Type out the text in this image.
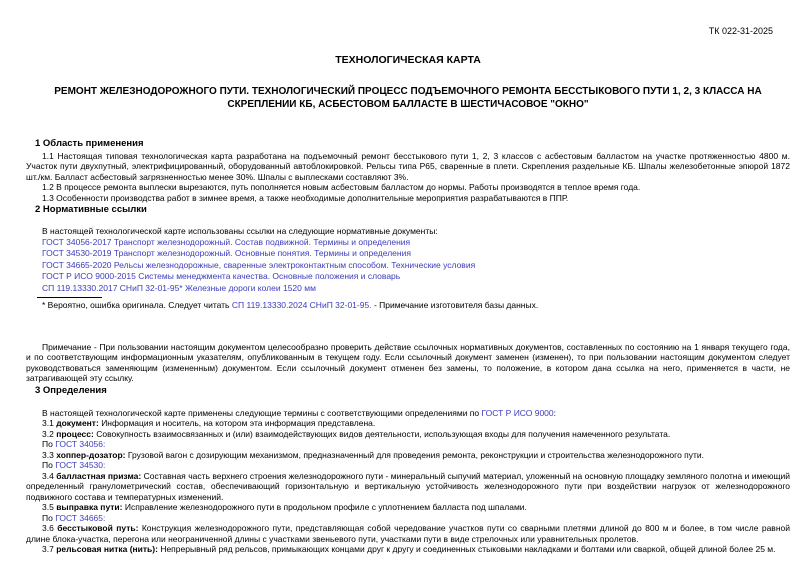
ТК 022-31-2025
ТЕХНОЛОГИЧЕСКАЯ КАРТА
РЕМОНТ ЖЕЛЕЗНОДОРОЖНОГО ПУТИ. ТЕХНОЛОГИЧЕСКИЙ ПРОЦЕСС ПОДЪЕМОЧНОГО РЕМОНТА БЕССТЫКОВОГО ПУТИ 1, 2, 3 КЛАССА НА СКРЕПЛЕНИИ КБ, АСБЕСТОВОМ БАЛЛАСТЕ В ШЕСТИЧАСОВОЕ "ОКНО"
1 Область применения

1.1 Настоящая типовая технологическая карта разработана на подъемочный ремонт бесстыкового пути 1, 2, 3 классов с асбестовым балластом на участке протяженностью 4800 м. Участок пути двухпутный, электрифицированный, оборудованный автоблокировкой. Рельсы типа Р65, сваренные в плети. Скрепления раздельные КБ. Шпалы железобетонные эпюрой 1872 шт./км. Балласт асбестовый загрязненностью менее 30%. Шпалы с выплесками составляют 3%.

1.2 В процессе ремонта выплески вырезаются, путь пополняется новым асбестовым балластом до нормы. Работы производятся в теплое время года.

1.3 Особенности производства работ в зимнее время, а также необходимые дополнительные мероприятия разрабатываются в ППР.

2 Нормативные ссылки

В настоящей технологической карте использованы ссылки на следующие нормативные документы:

ГОСТ 34056-2017 Транспорт железнодорожный. Состав подвижной. Термины и определения
ГОСТ 34530-2019 Транспорт железнодорожный. Основные понятия. Термины и определения
ГОСТ 34665-2020 Рельсы железнодорожные, сваренные электроконтактным способом. Технические условия
ГОСТ Р ИСО 9000-2015 Системы менеджмента качества. Основные положения и словарь
СП 119.13330.2017 СНиП 32-01-95* Железные дороги колеи 1520 мм

* Вероятно, ошибка оригинала. Следует читать СП 119.13330.2024 СНиП 32-01-95. - Примечание изготовителя базы данных.

Примечание - При пользовании настоящим документом целесообразно проверить действие ссылочных нормативных документов, составленных по состоянию на 1 января текущего года, и по соответствующим информационным указателям, опубликованным в текущем году. Если ссылочный документ заменен (изменен), то при пользовании настоящим документом следует руководствоваться заменяющим (измененным) документом. Если ссылочный документ отменен без замены, то положение, в котором дана ссылка на него, применяется в части, не затрагивающей эту ссылку.

3 Определения

В настоящей технологической карте применены следующие термины с соответствующими определениями по ГОСТ Р ИСО 9000:

3.1 документ: Информация и носитель, на котором эта информация представлена.

3.2 процесс: Совокупность взаимосвязанных и (или) взаимодействующих видов деятельности, использующая входы для получения намеченного результата.

По ГОСТ 34056:

3.3 хоппер-дозатор: Грузовой вагон с дозирующим механизмом, предназначенный для проведения ремонта, реконструкции и строительства железнодорожного пути.

По ГОСТ 34530:

3.4 балластная призма: Составная часть верхнего строения железнодорожного пути - минеральный сыпучий материал, уложенный на основную площадку земляного полотна и имеющий определенный гранулометрический состав, обеспечивающий горизонтальную и вертикальную устойчивость железнодорожного пути при воздействии нагрузок от железнодорожного подвижного состава и температурных изменений.

3.5 выправка пути: Исправление железнодорожного пути в продольном профиле с уплотнением балласта под шпалами.

По ГОСТ 34665:

3.6 бесстыковой путь: Конструкция железнодорожного пути, представляющая собой чередование участков пути со сварными плетями длиной до 800 м и более, в том числе равной длине блока-участка, перегона или неограниченной длины с участками звеньевого пути, участками пути в виде стрелочных или уравнительных пролетов.

3.7 рельсовая нитка (нить): Непрерывный ряд рельсов, примыкающих концами друг к другу и соединенных стыковыми накладками и болтами или сваркой, общей длиной более 25 м.
